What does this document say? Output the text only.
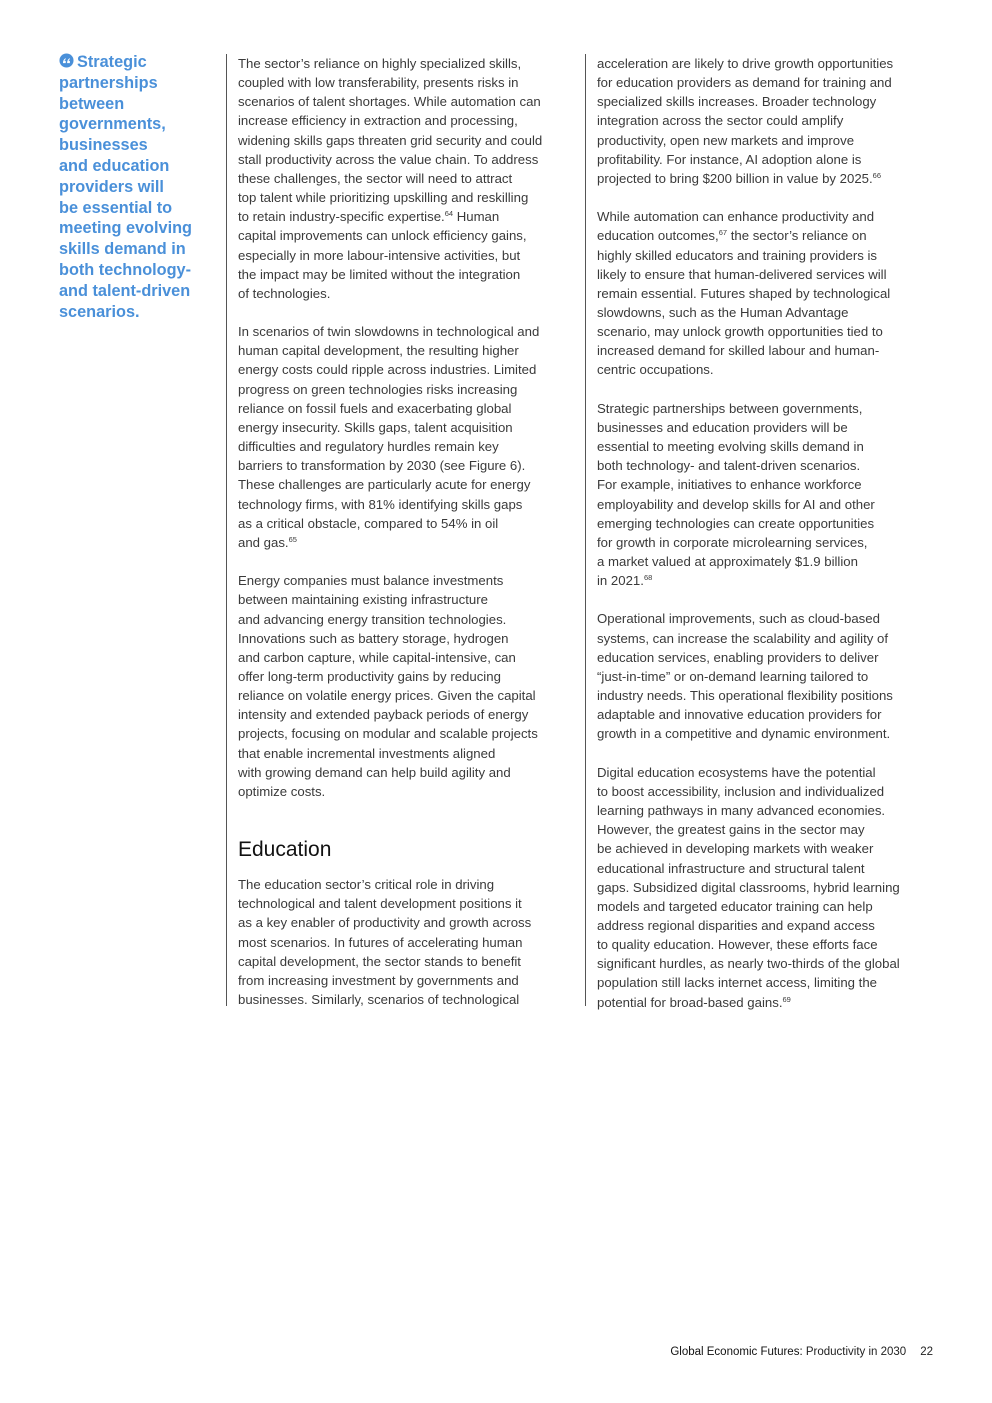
Strategic
partnerships
between
governments,
businesses
and education
providers will
be essential to
meeting evolving
skills demand in
both technology-
and talent-driven
scenarios.
The sector’s reliance on highly specialized skills,
coupled with low transferability, presents risks in
scenarios of talent shortages. While automation can
increase efficiency in extraction and processing,
widening skills gaps threaten grid security and could
stall productivity across the value chain. To address
these challenges, the sector will need to attract
top talent while prioritizing upskilling and reskilling
to retain industry-specific expertise.$^{64}$ Human
capital improvements can unlock efficiency gains,
especially in more labour-intensive activities, but
the impact may be limited without the integration
of technologies.
In scenarios of twin slowdowns in technological and
human capital development, the resulting higher
energy costs could ripple across industries. Limited
progress on green technologies risks increasing
reliance on fossil fuels and exacerbating global
energy insecurity. Skills gaps, talent acquisition
difficulties and regulatory hurdles remain key
barriers to transformation by 2030 (see Figure 6).
These challenges are particularly acute for energy
technology firms, with 81% identifying skills gaps
as a critical obstacle, compared to 54% in oil
and gas.$^{65}$
Energy companies must balance investments
between maintaining existing infrastructure
and advancing energy transition technologies.
Innovations such as battery storage, hydrogen
and carbon capture, while capital-intensive, can
offer long-term productivity gains by reducing
reliance on volatile energy prices. Given the capital
intensity and extended payback periods of energy
projects, focusing on modular and scalable projects
that enable incremental investments aligned
with growing demand can help build agility and
optimize costs.
Education
The education sector’s critical role in driving
technological and talent development positions it
as a key enabler of productivity and growth across
most scenarios. In futures of accelerating human
capital development, the sector stands to benefit
from increasing investment by governments and
businesses. Similarly, scenarios of technological
acceleration are likely to drive growth opportunities
for education providers as demand for training and
specialized skills increases. Broader technology
integration across the sector could amplify
productivity, open new markets and improve
profitability. For instance, AI adoption alone is
projected to bring $200 billion in value by 2025.66
While automation can enhance productivity and
education outcomes,$^{67}$ the sector’s reliance on
highly skilled educators and training providers is
likely to ensure that human-delivered services will
remain essential. Futures shaped by technological
slowdowns, such as the Human Advantage
scenario, may unlock growth opportunities tied to
increased demand for skilled labour and human-
centric occupations.
Strategic partnerships between governments,
businesses and education providers will be
essential to meeting evolving skills demand in
both technology- and talent-driven scenarios.
For example, initiatives to enhance workforce
employability and develop skills for AI and other
emerging technologies can create opportunities
for growth in corporate microlearning services,
a market valued at approximately $1.9 billion
in 2021.68
Operational improvements, such as cloud-based
systems, can increase the scalability and agility of
education services, enabling providers to deliver
“just-in-time” or on-demand learning tailored to
industry needs. This operational flexibility positions
adaptable and innovative education providers for
growth in a competitive and dynamic environment.
Digital education ecosystems have the potential
to boost accessibility, inclusion and individualized
learning pathways in many advanced economies.
However, the greatest gains in the sector may
be achieved in developing markets with weaker
educational infrastructure and structural talent
gaps. Subsidized digital classrooms, hybrid learning
models and targeted educator training can help
address regional disparities and expand access
to quality education. However, these efforts face
significant hurdles, as nearly two-thirds of the global
population still lacks internet access, limiting the
potential for broad-based gains.$^{69}$
Global Economic Futures: Productivity in 2030 22
